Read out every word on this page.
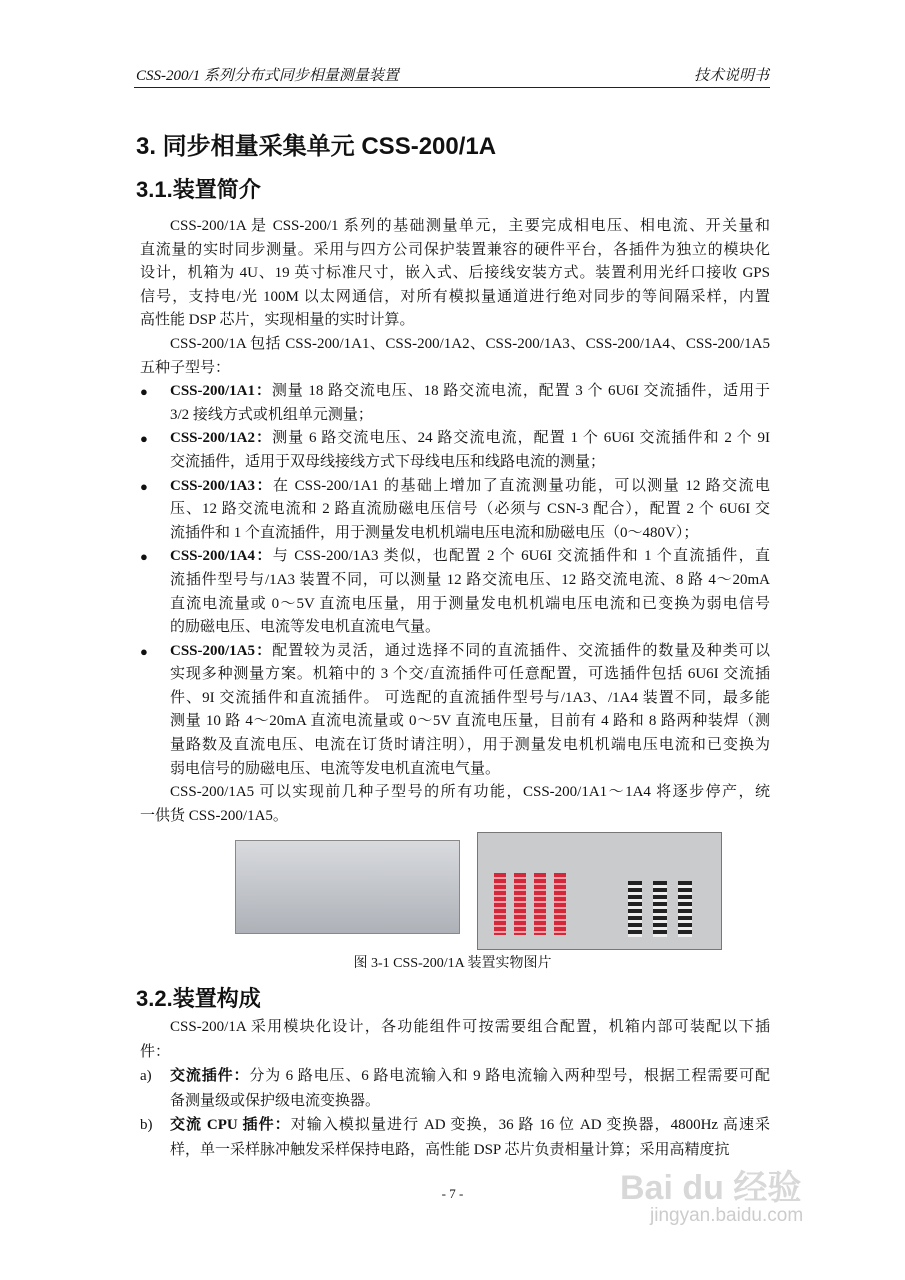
CSS-200/1 系列分布式同步相量测量装置	技术说明书
3. 同步相量采集单元 CSS-200/1A
3.1.装置简介
CSS-200/1A 是 CSS-200/1 系列的基础测量单元，主要完成相电压、相电流、开关量和
直流量的实时同步测量。采用与四方公司保护装置兼容的硬件平台，各插件为独立的模块化
设计，机箱为 4U、19 英寸标准尺寸，嵌入式、后接线安装方式。装置利用光纤口接收 GPS
信号，支持电/光 100M 以太网通信，对所有模拟量通道进行绝对同步的等间隔采样，内置
高性能 DSP 芯片，实现相量的实时计算。
CSS-200/1A 包括 CSS-200/1A1、CSS-200/1A2、CSS-200/1A3、CSS-200/1A4、CSS-200/1A5
五种子型号：
CSS-200/1A1：测量 18 路交流电压、18 路交流电流，配置 3 个 6U6I 交流插件，适用于
3/2 接线方式或机组单元测量；
●
CSS-200/1A2：测量 6 路交流电压、24 路交流电流，配置 1 个 6U6I 交流插件和 2 个 9I
交流插件，适用于双母线接线方式下母线电压和线路电流的测量；
●
CSS-200/1A3：在 CSS-200/1A1 的基础上增加了直流测量功能，可以测量 12 路交流电
压、12 路交流电流和 2 路直流励磁电压信号（必须与 CSN-3 配合），配置 2 个 6U6I 交
流插件和 1 个直流插件，用于测量发电机机端电压电流和励磁电压（0～480V）；
●
CSS-200/1A4：与 CSS-200/1A3 类似，也配置 2 个 6U6I 交流插件和 1 个直流插件，直
流插件型号与/1A3 装置不同，可以测量 12 路交流电压、12 路交流电流、8 路 4～20mA
直流电流量或 0～5V 直流电压量，用于测量发电机机端电压电流和已变换为弱电信号
的励磁电压、电流等发电机直流电气量。
●
CSS-200/1A5：配置较为灵活，通过选择不同的直流插件、交流插件的数量及种类可以
实现多种测量方案。机箱中的 3 个交/直流插件可任意配置，可选插件包括 6U6I 交流插
件、9I 交流插件和直流插件。 可选配的直流插件型号与/1A3、/1A4 装置不同，最多能
测量 10 路 4～20mA 直流电流量或 0～5V 直流电压量，目前有 4 路和 8 路两种装焊（测
量路数及直流电压、电流在订货时请注明），用于测量发电机机端电压电流和已变换为
弱电信号的励磁电压、电流等发电机直流电气量。
●
CSS-200/1A5 可以实现前几种子型号的所有功能，CSS-200/1A1～1A4 将逐步停产，统
一供货 CSS-200/1A5。
图 3-1 CSS-200/1A 装置实物图片
3.2.装置构成
CSS-200/1A 采用模块化设计，各功能组件可按需要组合配置，机箱内部可装配以下插
件：
交流插件：分为 6 路电压、6 路电流输入和 9 路电流输入两种型号，根据工程需要可配
备测量级或保护级电流变换器。
a)
交流 CPU 插件：对输入模拟量进行 AD 变换，36 路 16 位 AD 变换器，4800Hz 高速采
样，单一采样脉冲触发采样保持电路，高性能 DSP 芯片负责相量计算；采用高精度抗
b)
- 7 -	Bai du 经验
jingyan.baidu.com
